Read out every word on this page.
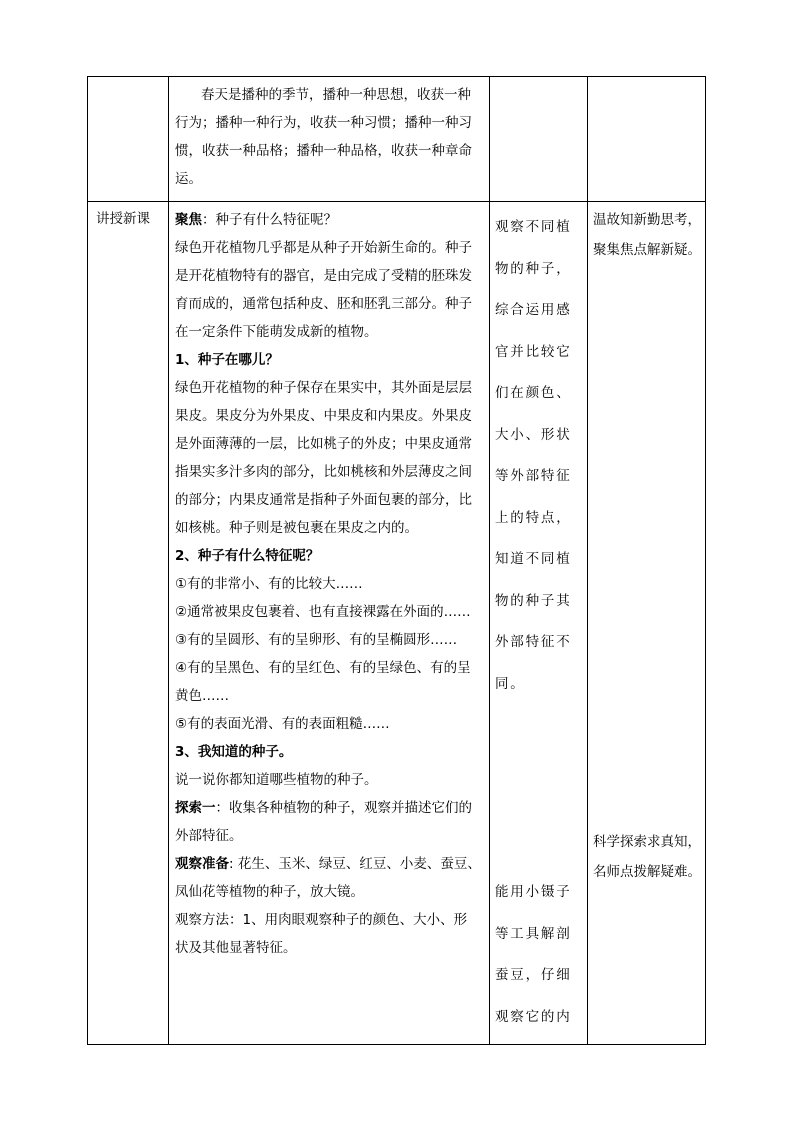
　　春天是播种的季节，播种一种思想，收获一种

行为；播种一种行为，收获一种习惯；播种一种习

惯，收获一种品格；播种一种品格，收获一种章命

运。

讲授新课 聚焦：种子有什么特征呢？

绿色开花植物几乎都是从种子开始新生命的。种子

是开花植物特有的器官，是由完成了受精的胚珠发

育而成的，通常包括种皮、胚和胚乳三部分。种子

在一定条件下能萌发成新的植物。

1、种子在哪儿？

绿色开花植物的种子保存在果实中，其外面是层层

果皮。果皮分为外果皮、中果皮和内果皮。外果皮

是外面薄薄的一层，比如桃子的外皮；中果皮通常

指果实多汁多肉的部分，比如桃核和外层薄皮之间

的部分；内果皮通常是指种子外面包裹的部分，比

如核桃。种子则是被包裹在果皮之内的。

2、种子有什么特征呢？

①有的非常小、有的比较大……

②通常被果皮包裹着、也有直接裸露在外面的……

③有的呈圆形、有的呈卵形、有的呈椭圆形……

④有的呈黑色、有的呈红色、有的呈绿色、有的呈

黄色……

⑤有的表面光滑、有的表面粗糙……

3、我知道的种子。

说一说你都知道哪些植物的种子。

探索一：收集各种植物的种子，观察并描述它们的

外部特征。

观察准备: 花生、玉米、绿豆、红豆、小麦、蚕豆、

凤仙花等植物的种子，放大镜。

观察方法：1、用肉眼观察种子的颜色、大小、形

状及其他显著特征。

观察不同植

物的种子，

综合运用感

官并比较它

们在颜色、

大小、形状

等外部特征

上的特点，

知道不同植

物的种子其

外部特征不

同。

能用小镊子

等工具解剖

蚕豆，仔细

观察它的内

温故知新勤思考，

聚集焦点解新疑。

科学探索求真知，

名师点拨解疑难。
